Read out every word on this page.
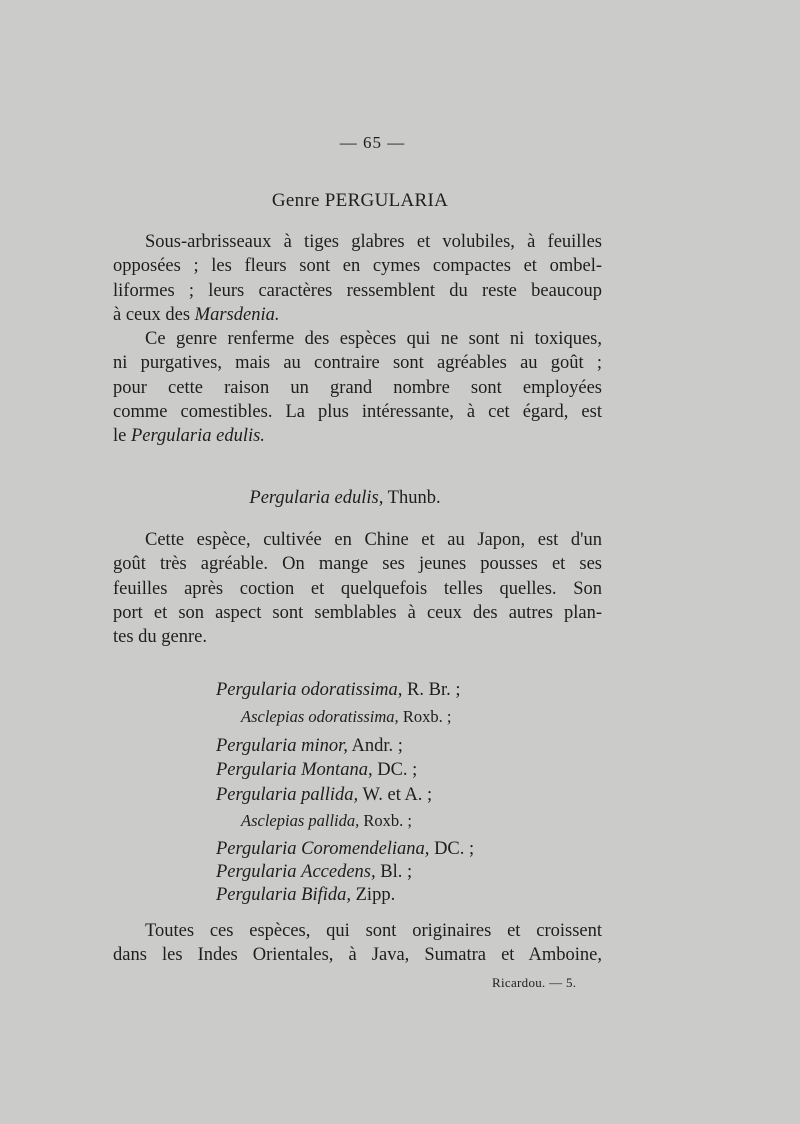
— 65 —
Genre PERGULARIA
Sous-arbrisseaux à tiges glabres et volubiles, à feuilles
opposées ; les fleurs sont en cymes compactes et ombel-
liformes ; leurs caractères ressemblent du reste beaucoup
à ceux des Marsdenia.
Ce genre renferme des espèces qui ne sont ni toxiques,
ni purgatives, mais au contraire sont agréables au goût ;
pour cette raison un grand nombre sont employées
comme comestibles. La plus intéressante, à cet égard, est
le Pergularia edulis.
Pergularia edulis, Thunb.
Cette espèce, cultivée en Chine et au Japon, est d'un
goût très agréable. On mange ses jeunes pousses et ses
feuilles après coction et quelquefois telles quelles. Son
port et son aspect sont semblables à ceux des autres plan-
tes du genre.
Pergularia odoratissima, R. Br. ;
Asclepias odoratissima, Roxb. ;
Pergularia minor, Andr. ;
Pergularia Montana, DC. ;
Pergularia pallida, W. et A. ;
Asclepias pallida, Roxb. ;
Pergularia Coromendeliana, DC. ;
Pergularia Accedens, Bl. ;
Pergularia Bifida, Zipp.
Toutes ces espèces, qui sont originaires et croissent
dans les Indes Orientales, à Java, Sumatra et Amboine,
Ricardou. — 5.
